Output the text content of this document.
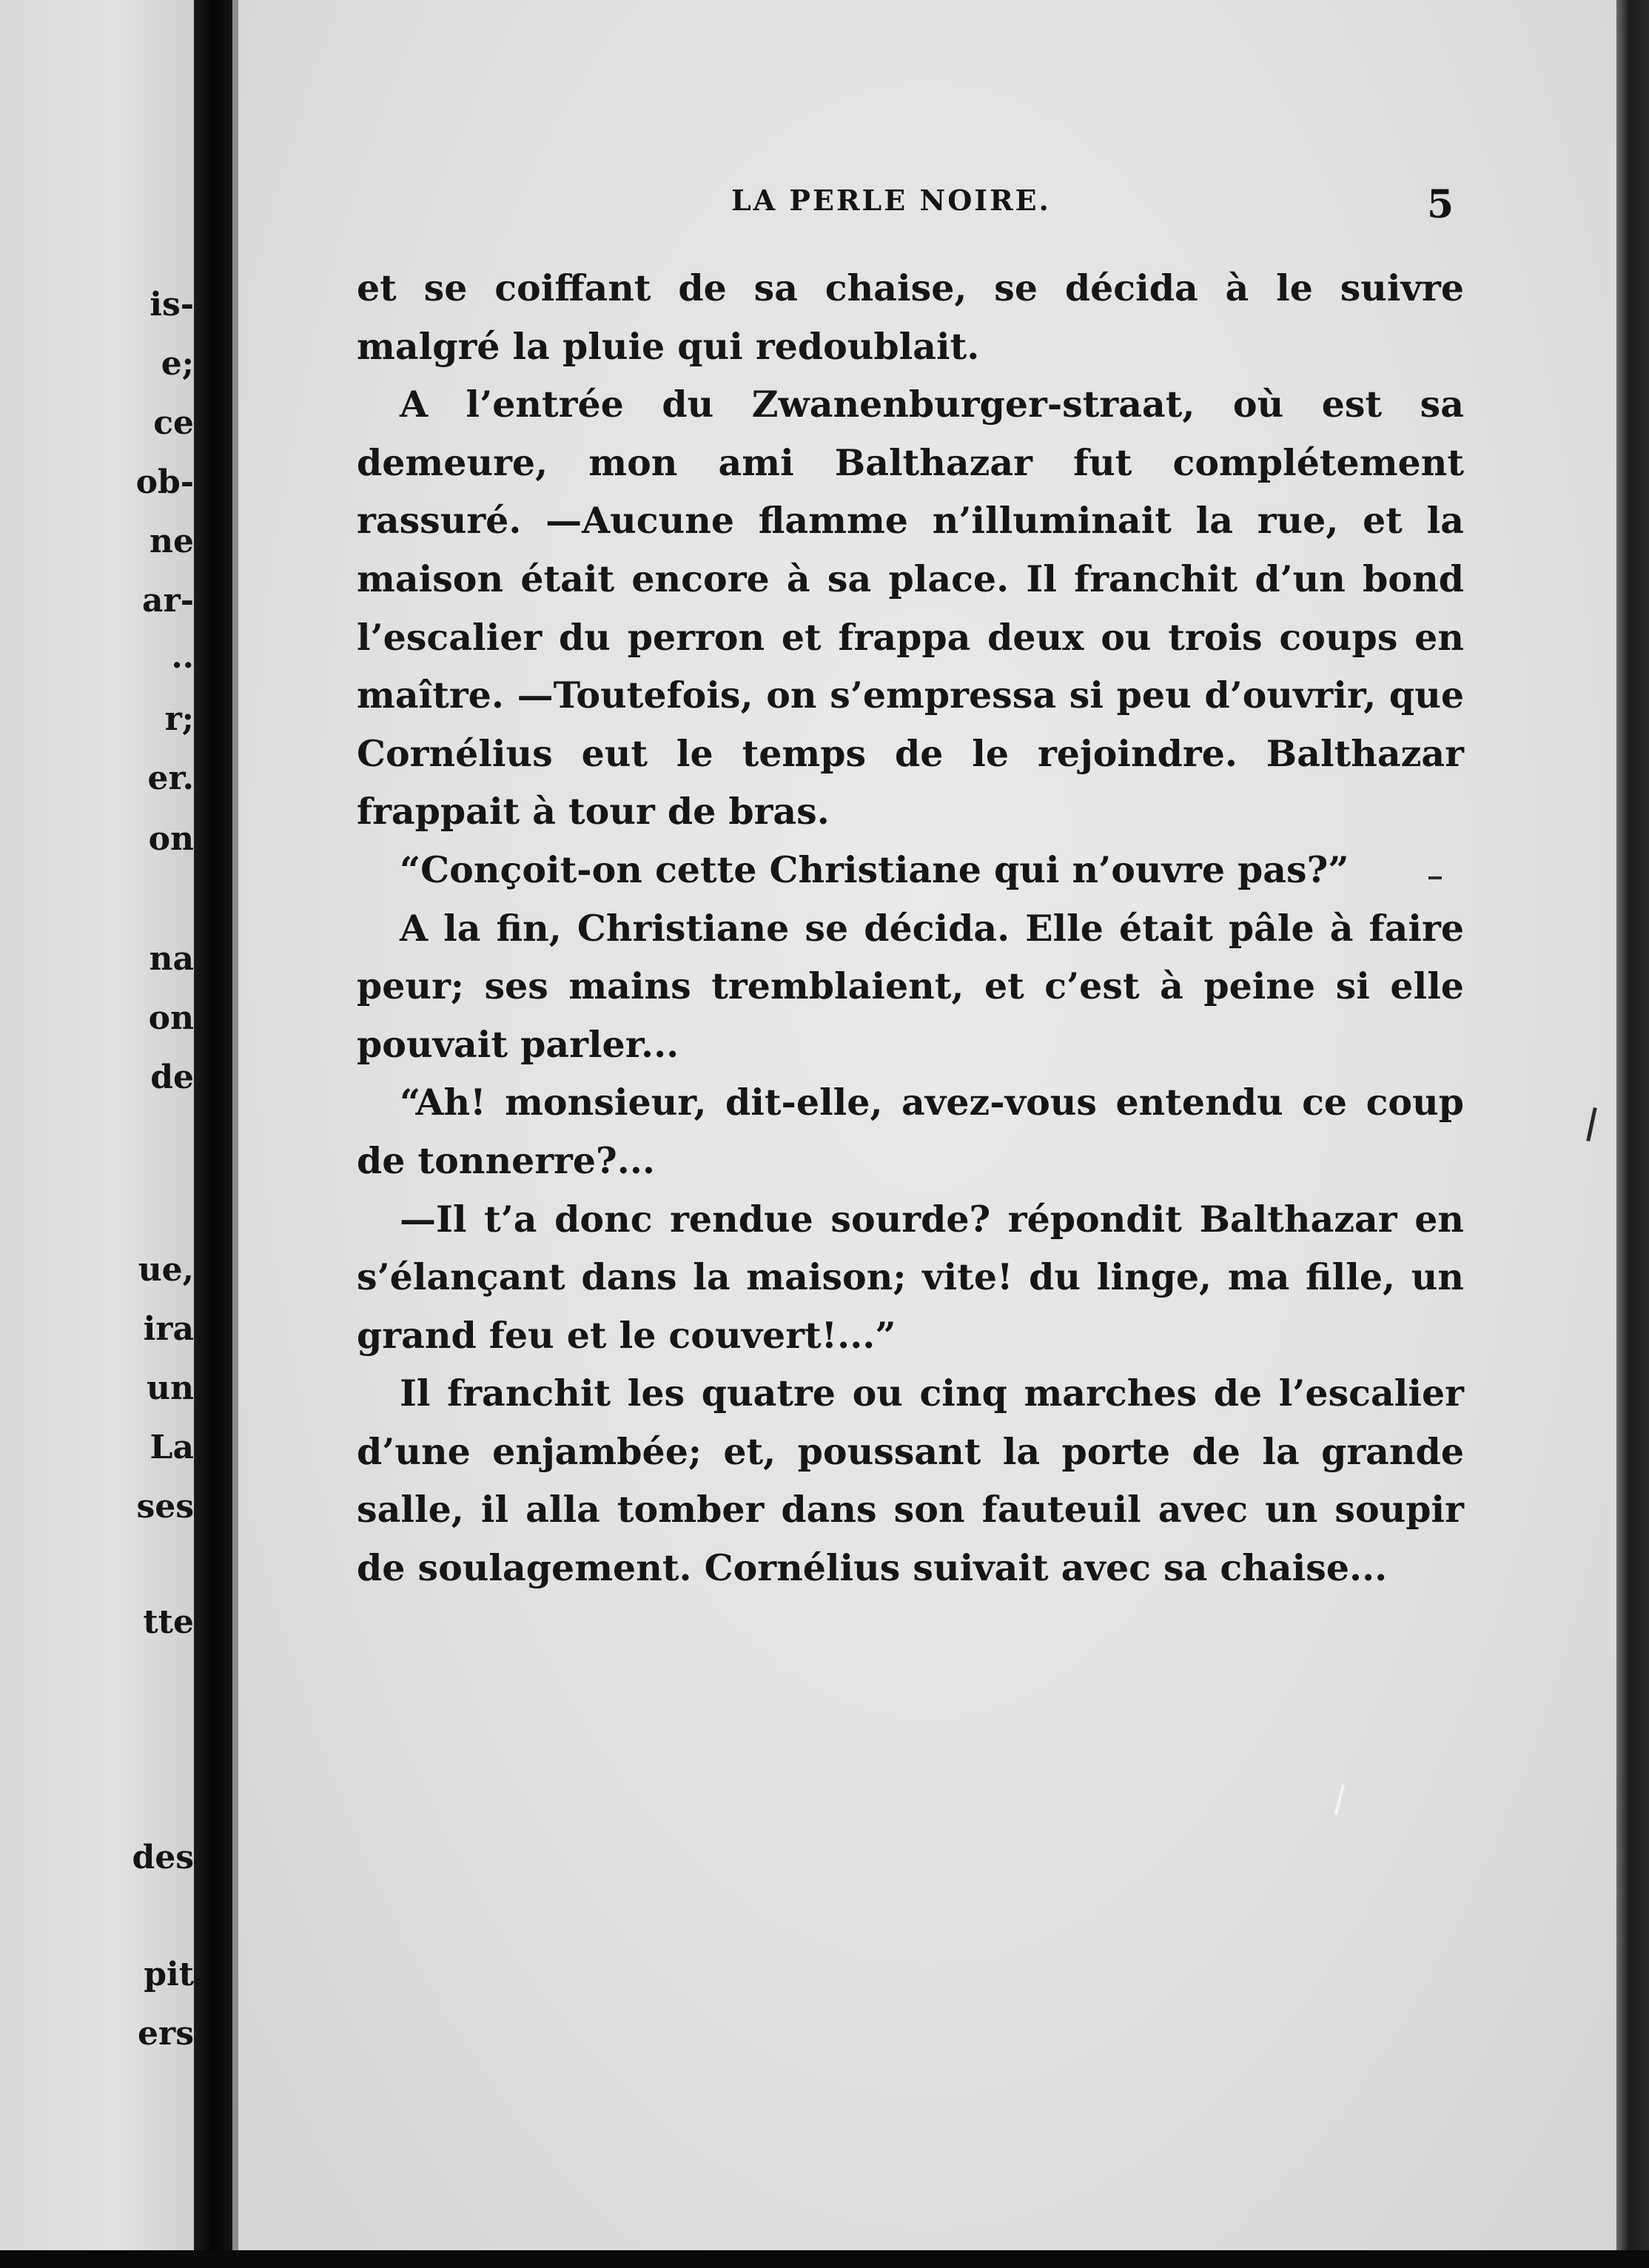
is-
e;
ce
ob-
ne
ar-
..
r;
er.
on
na
on
de
ue,
ira
un
La
ses
tte
des
pit
ers
LA PERLE NOIRE.	5

et se coiffant de sa chaise, se décida à le suivre malgré la pluie qui redoublait.

A l’entrée du Zwanenburger-straat, où est sa demeure, mon ami Balthazar fut complétement rassuré. —Aucune flamme n’illuminait la rue, et la maison était encore à sa place. Il franchit d’un bond l’escalier du perron et frappa deux ou trois coups en maître. —Toutefois, on s’empressa si peu d’ouvrir, que Cornélius eut le temps de le rejoindre. Balthazar frappait à tour de bras.

“Conçoit-on cette Christiane qui n’ouvre pas?”

A la fin, Christiane se décida. Elle était pâle à faire peur; ses mains tremblaient, et c’est à peine si elle pouvait parler...

“Ah! monsieur, dit-elle, avez-vous entendu ce coup de tonnerre?...

—Il t’a donc rendue sourde? répondit Balthazar en s’élançant dans la maison; vite! du linge, ma fille, un grand feu et le couvert!...”

Il franchit les quatre ou cinq marches de l’escalier d’une enjambée; et, poussant la porte de la grande salle, il alla tomber dans son fauteuil avec un soupir de soulagement. Cornélius suivait avec sa chaise...
